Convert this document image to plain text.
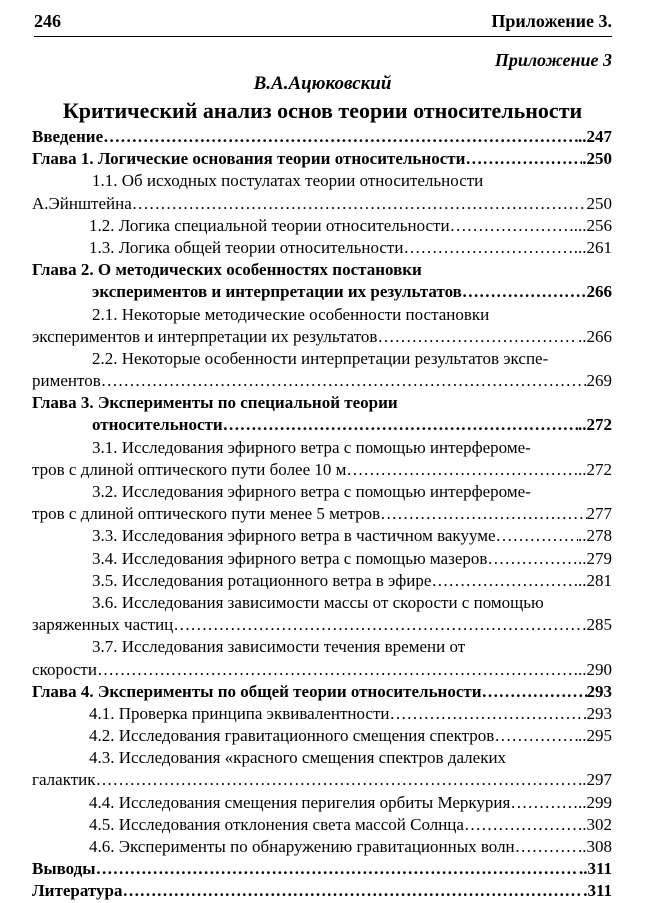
246	Приложение 3.
Приложение 3
В.А.Ацюковский
Критический анализ основ теории относительности
Введение …………………………………………………………………………………………………………………………………………………………………………………………………………	..247
Глава 1. Логические основания теории относительности …………………………………………………………………………………………………………………………………………………………………………………………………………	.250
1.1. Об исходных постулатах теории относительности
А.Эйнштейна …………………………………………………………………………………………………………………………………………………………………………………………………………	250
1.2. Логика специальной теории относительности …………………………………………………………………………………………………………………………………………………………………………………………………………	...256
1.3. Логика общей теории относительности …………………………………………………………………………………………………………………………………………………………………………………………………………	...261
Глава 2. О методических особенностях постановки
экспериментов и интерпретации их результатов …………………………………………………………………………………………………………………………………………………………………………………………………………	266
2.1. Некоторые методические особенности постановки
экспериментов и интерпретации их результатов …………………………………………………………………………………………………………………………………………………………………………………………………………	..266
2.2. Некоторые особенности интерпретации результатов экспе-
риментов …………………………………………………………………………………………………………………………………………………………………………………………………………	269
Глава 3. Эксперименты по специальной теории
относительности …………………………………………………………………………………………………………………………………………………………………………………………………………	..272
3.1. Исследования эфирного ветра с помощью интерфероме-
тров с длиной оптического пути более 10 м …………………………………………………………………………………………………………………………………………………………………………………………………………	..272
3.2. Исследования эфирного ветра с помощью интерфероме-
тров с длиной оптического пути менее 5 метров …………………………………………………………………………………………………………………………………………………………………………………………………………	277
3.3. Исследования эфирного ветра в частичном вакууме …………………………………………………………………………………………………………………………………………………………………………………………………………	..278
3.4. Исследования эфирного ветра с помощью мазеров …………………………………………………………………………………………………………………………………………………………………………………………………………	..279
3.5. Исследования ротационного ветра в эфире …………………………………………………………………………………………………………………………………………………………………………………………………………	..281
3.6. Исследования зависимости массы от скорости с помощью
заряженных частиц …………………………………………………………………………………………………………………………………………………………………………………………………………	.285
3.7. Исследования зависимости течения времени от
скорости …………………………………………………………………………………………………………………………………………………………………………………………………………	..290
Глава 4. Эксперименты по общей теории относительности …………………………………………………………………………………………………………………………………………………………………………………………………………	293
4.1. Проверка принципа эквивалентности …………………………………………………………………………………………………………………………………………………………………………………………………………	293
4.2. Исследования гравитационного смещения спектров …………………………………………………………………………………………………………………………………………………………………………………………………………	..295
4.3. Исследования «красного смещения спектров далеких
галактик …………………………………………………………………………………………………………………………………………………………………………………………………………	..297
4.4. Исследования смещения перигелия орбиты Меркурия …………………………………………………………………………………………………………………………………………………………………………………………………………	..299
4.5. Исследования отклонения света массой Солнца …………………………………………………………………………………………………………………………………………………………………………………………………………	..302
4.6. Эксперименты по обнаружению гравитационных волн …………………………………………………………………………………………………………………………………………………………………………………………………………	..308
Выводы …………………………………………………………………………………………………………………………………………………………………………………………………………	..311
Литература …………………………………………………………………………………………………………………………………………………………………………………………………………	.311
